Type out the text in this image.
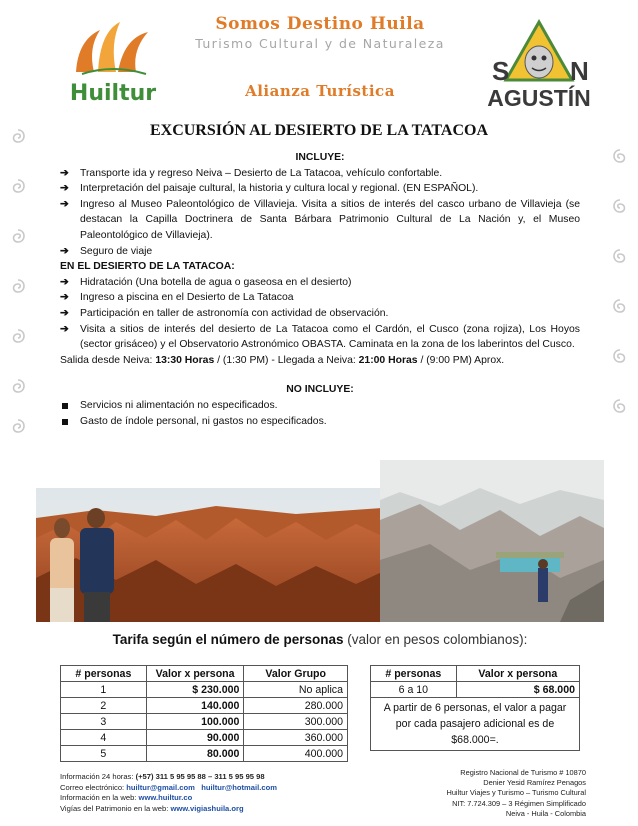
Huiltur
S N
AGUSTÍN
Somos Destino Huila
Turismo Cultural y de Naturaleza
Alianza Turística
EXCURSIÓN AL DESIERTO DE LA TATACOA
INCLUYE:
➔ Transporte ida y regreso Neiva – Desierto de La Tatacoa, vehículo confortable.
➔ Interpretación del paisaje cultural, la historia y cultura local y regional. (EN ESPAÑOL).
➔ Ingreso al Museo Paleontológico de Villavieja. Visita a sitios de interés del casco urbano de Villavieja (se destacan la Capilla Doctrinera de Santa Bárbara Patrimonio Cultural de La Nación y, el Museo Paleontológico de Villavieja).
➔ Seguro de viaje
EN EL DESIERTO DE LA TATACOA:
➔ Hidratación (Una botella de agua o gaseosa en el desierto)
➔ Ingreso a piscina en el Desierto de La Tatacoa
➔ Participación en taller de astronomía con actividad de observación.
➔ Visita a sitios de interés del desierto de La Tatacoa como el Cardón, el Cusco (zona rojiza), Los Hoyos (sector grisáceo) y el Observatorio Astronómico OBASTA. Caminata en la zona de los laberintos del Cusco.
Salida desde Neiva: 13:30 Horas / (1:30 PM) - Llegada a Neiva: 21:00 Horas / (9:00 PM) Aprox.
NO INCLUYE:
Servicios ni alimentación no especificados.
Gasto de índole personal, ni gastos no especificados.
Tarifa según el número de personas (valor en pesos colombianos):
# personas	Valor x persona	Valor Grupo
1	$ 230.000	No aplica
2	140.000	280.000
3	100.000	300.000
4	90.000	360.000
5	80.000	400.000
# personas	Valor x persona
6 a 10	$ 68.000
A partir de 6 personas, el valor a pagar por cada pasajero adicional es de $68.000=.	
Información 24 horas: (+57) 311 5 95 95 88 – 311 5 95 95 98
Correo electrónico: huiltur@gmail.com huiltur@hotmail.com
Información en la web: www.huiltur.co
Vigías del Patrimonio en la web: www.vigiashuila.org
Registro Nacional de Turismo # 10870
Denier Yesid Ramírez Penagos
Huiltur Viajes y Turismo – Turismo Cultural
NIT: 7.724.309 – 3 Régimen Simplificado
Neiva - Huila - Colombia
